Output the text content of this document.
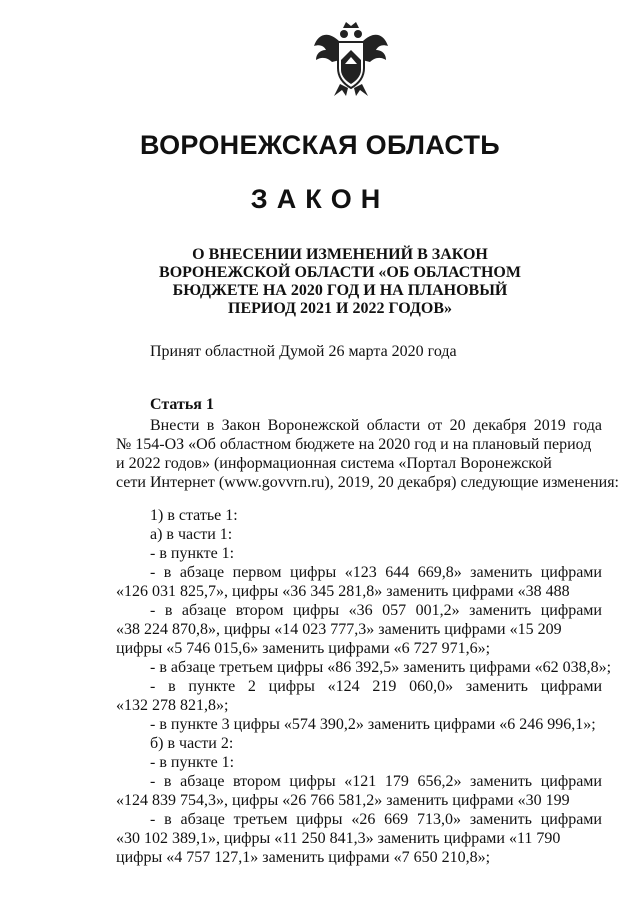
ВОРОНЕЖСКАЯ ОБЛАСТЬ
ЗАКОН
О ВНЕСЕНИИ ИЗМЕНЕНИЙ В ЗАКОН
ВОРОНЕЖСКОЙ ОБЛАСТИ «ОБ ОБЛАСТНОМ
БЮДЖЕТЕ НА 2020 ГОД И НА ПЛАНОВЫЙ
ПЕРИОД 2021 И 2022 ГОДОВ»
Принят областной Думой 26 марта 2020 года
Статья 1
Внести в Закон Воронежской области от 20 декабря 2019 года
№ 154-ОЗ «Об областном бюджете на 2020 год и на плановый период
и 2022 годов» (информационная система «Портал Воронежской
сети Интернет (www.govvrn.ru), 2019, 20 декабря) следующие изменения:
1) в статье 1:
а) в части 1:
- в пункте 1:
- в абзаце первом цифры «123 644 669,8» заменить цифрами
«126 031 825,7», цифры «36 345 281,8» заменить цифрами «38 488
- в абзаце втором цифры «36 057 001,2» заменить цифрами
«38 224 870,8», цифры «14 023 777,3» заменить цифрами «15 209
цифры «5 746 015,6» заменить цифрами «6 727 971,6»;
- в абзаце третьем цифры «86 392,5» заменить цифрами «62 038,8»;
- в пункте 2 цифры «124 219 060,0» заменить цифрами
«132 278 821,8»;
- в пункте 3 цифры «574 390,2» заменить цифрами «6 246 996,1»;
б) в части 2:
- в пункте 1:
- в абзаце втором цифры «121 179 656,2» заменить цифрами
«124 839 754,3», цифры «26 766 581,2» заменить цифрами «30 199
- в абзаце третьем цифры «26 669 713,0» заменить цифрами
«30 102 389,1», цифры «11 250 841,3» заменить цифрами «11 790
цифры «4 757 127,1» заменить цифрами «7 650 210,8»;
